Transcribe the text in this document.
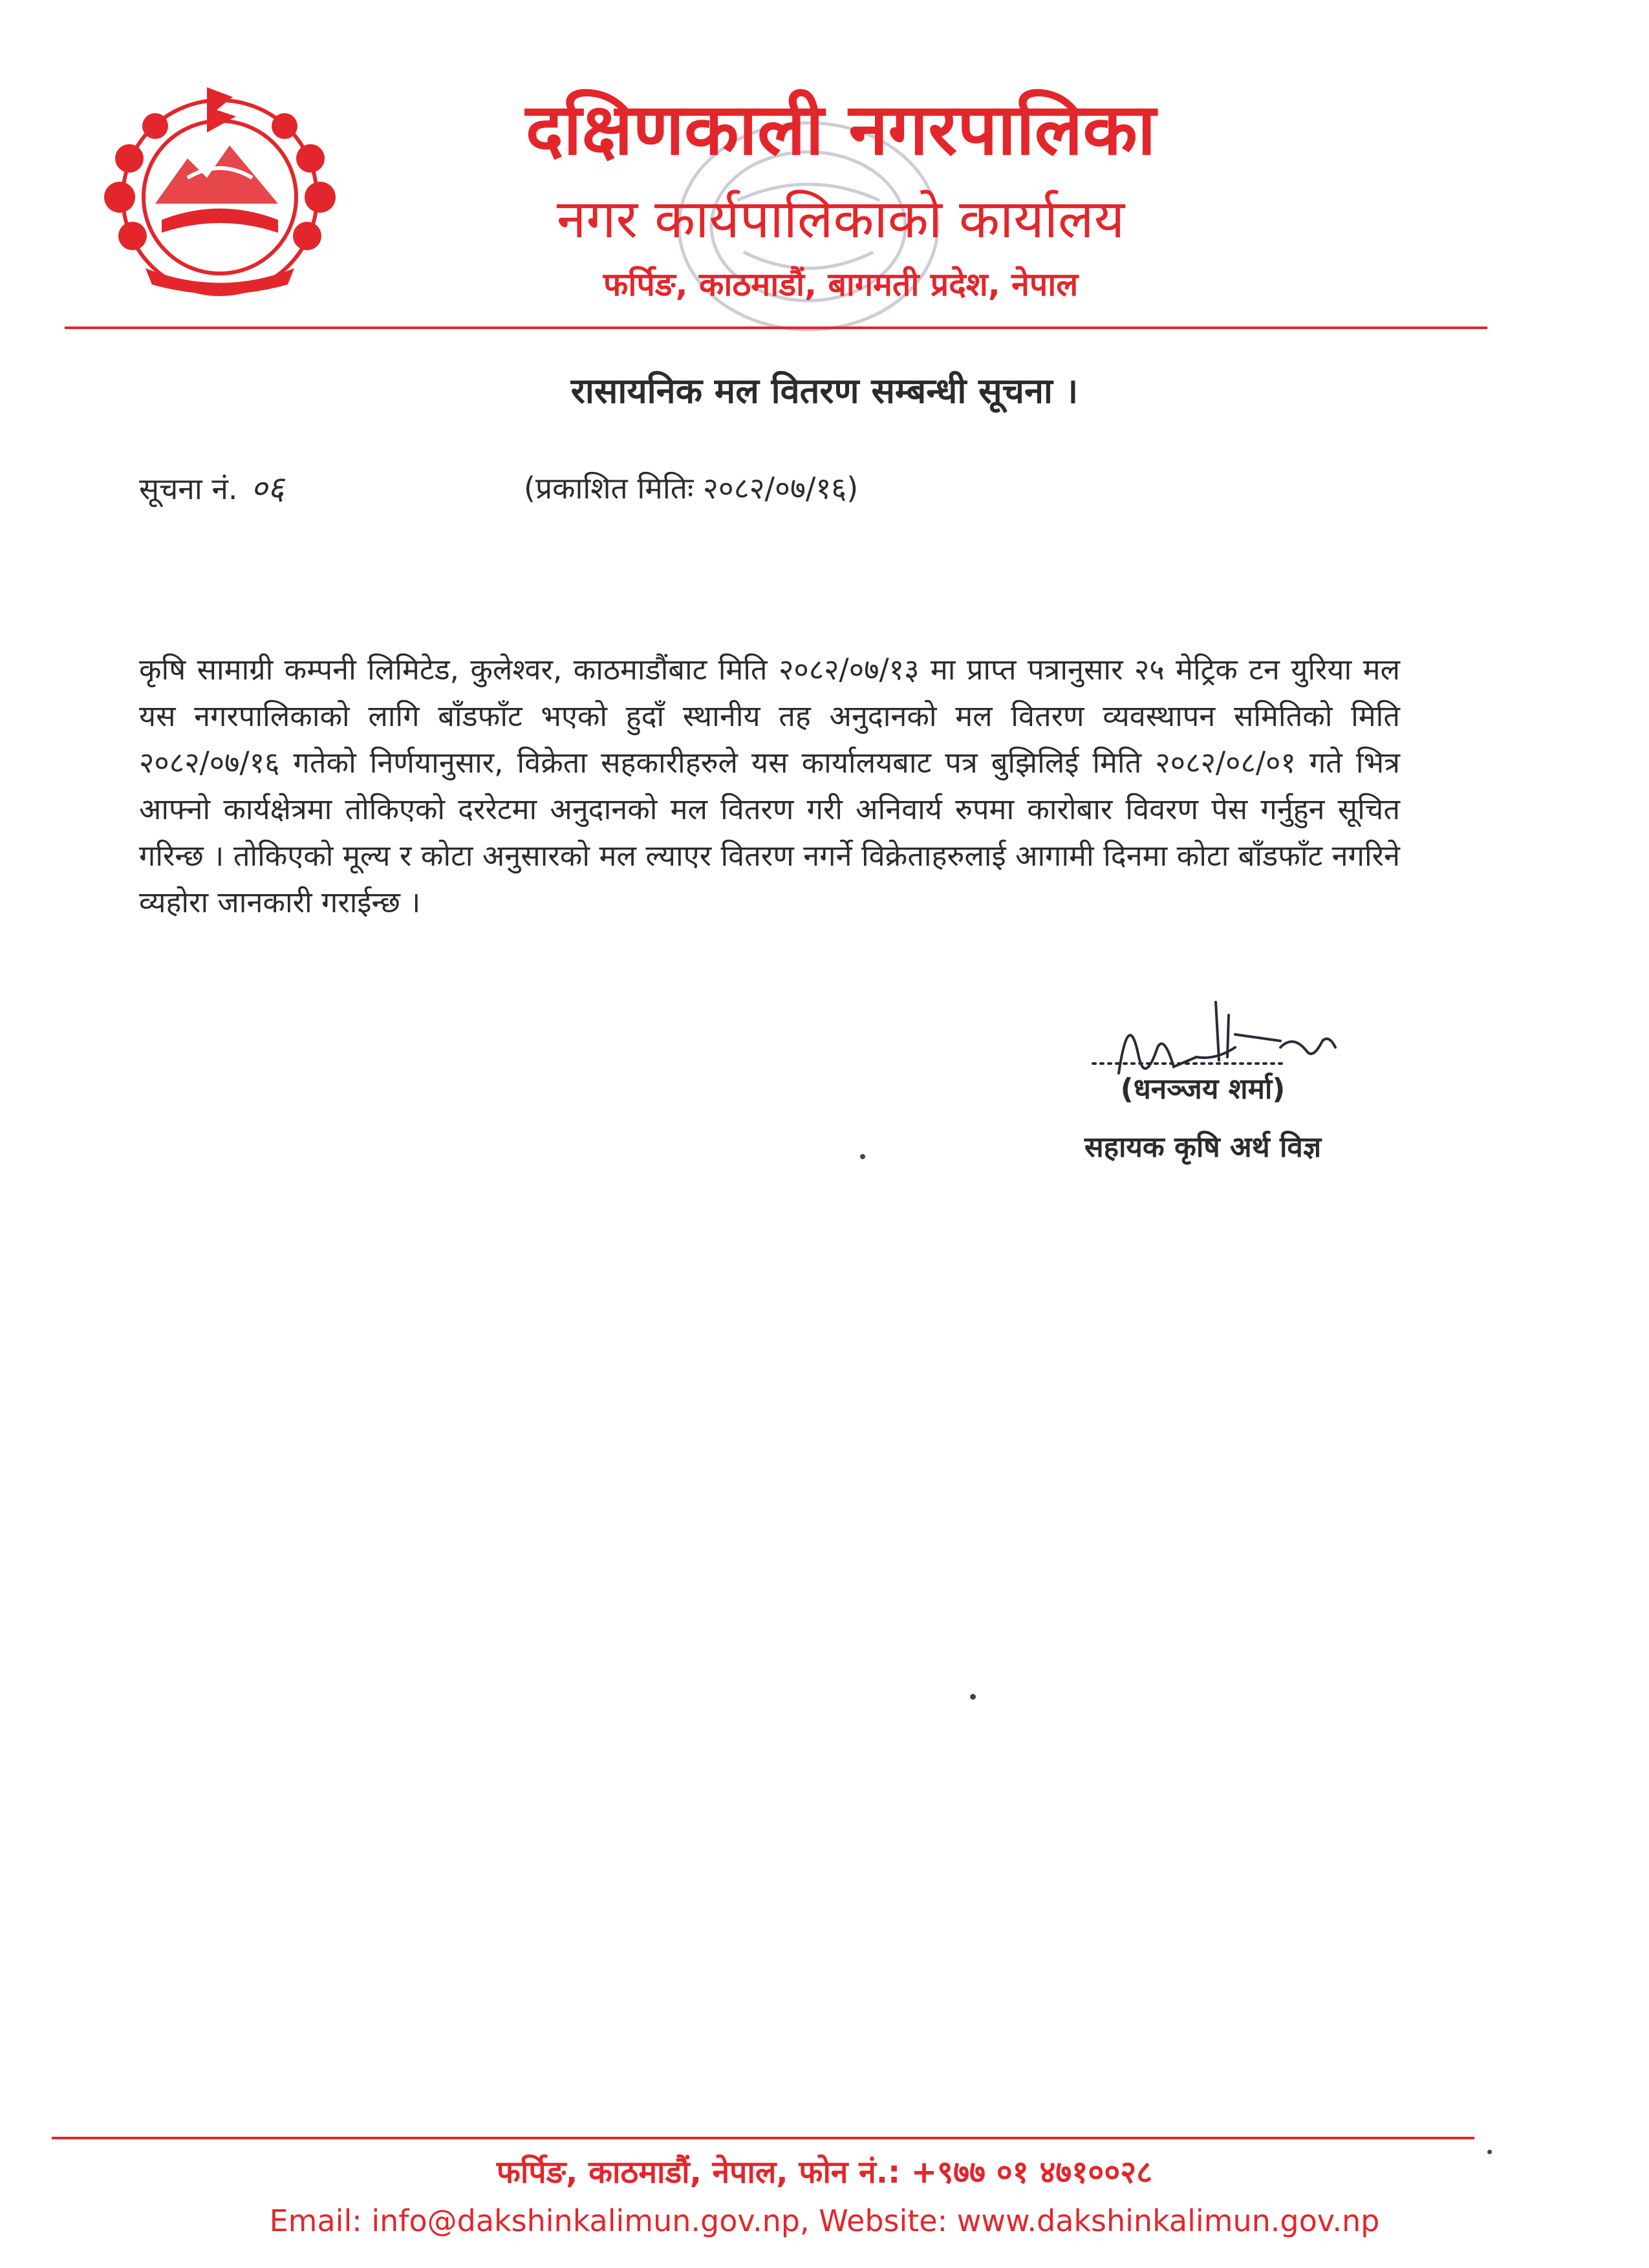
दक्षिणकाली नगरपालिका
नगर कार्यपालिकाको कार्यालय
फर्पिङ, काठमाडौं, बागमती प्रदेश, नेपाल
रासायनिक मल वितरण सम्बन्धी सूचना ।
सूचना नं. ०६	(प्रकाशित मितिः २०८२/०७/१६)
कृषि सामाग्री कम्पनी लिमिटेड, कुलेश्वर, काठमाडौंबाट मिति २०८२/०७/१३ मा प्राप्त पत्रानुसार २५ मेट्रिक टन युरिया मल यस नगरपालिकाको लागि बाँडफाँट भएको हुदाँ स्थानीय तह अनुदानको मल वितरण व्यवस्थापन समितिको मिति २०८२/०७/१६ गतेको निर्णयानुसार, विक्रेता सहकारीहरुले यस कार्यालयबाट पत्र बुझिलिई मिति २०८२/०८/०१ गते भित्र आफ्नो कार्यक्षेत्रमा तोकिएको दररेटमा अनुदानको मल वितरण गरी अनिवार्य रुपमा कारोबार विवरण पेस गर्नुहुन सूचित गरिन्छ । तोकिएको मूल्य र कोटा अनुसारको मल ल्याएर वितरण नगर्ने विक्रेताहरुलाई आगामी दिनमा कोटा बाँडफाँट नगरिने व्यहोरा जानकारी गराईन्छ ।
(धनञ्जय शर्मा)
सहायक कृषि अर्थ विज्ञ
फर्पिङ, काठमाडौं, नेपाल, फोन नं.: +९७७ ०१ ४७१००२८
Email: info@dakshinkalimun.gov.np, Website: www.dakshinkalimun.gov.np
